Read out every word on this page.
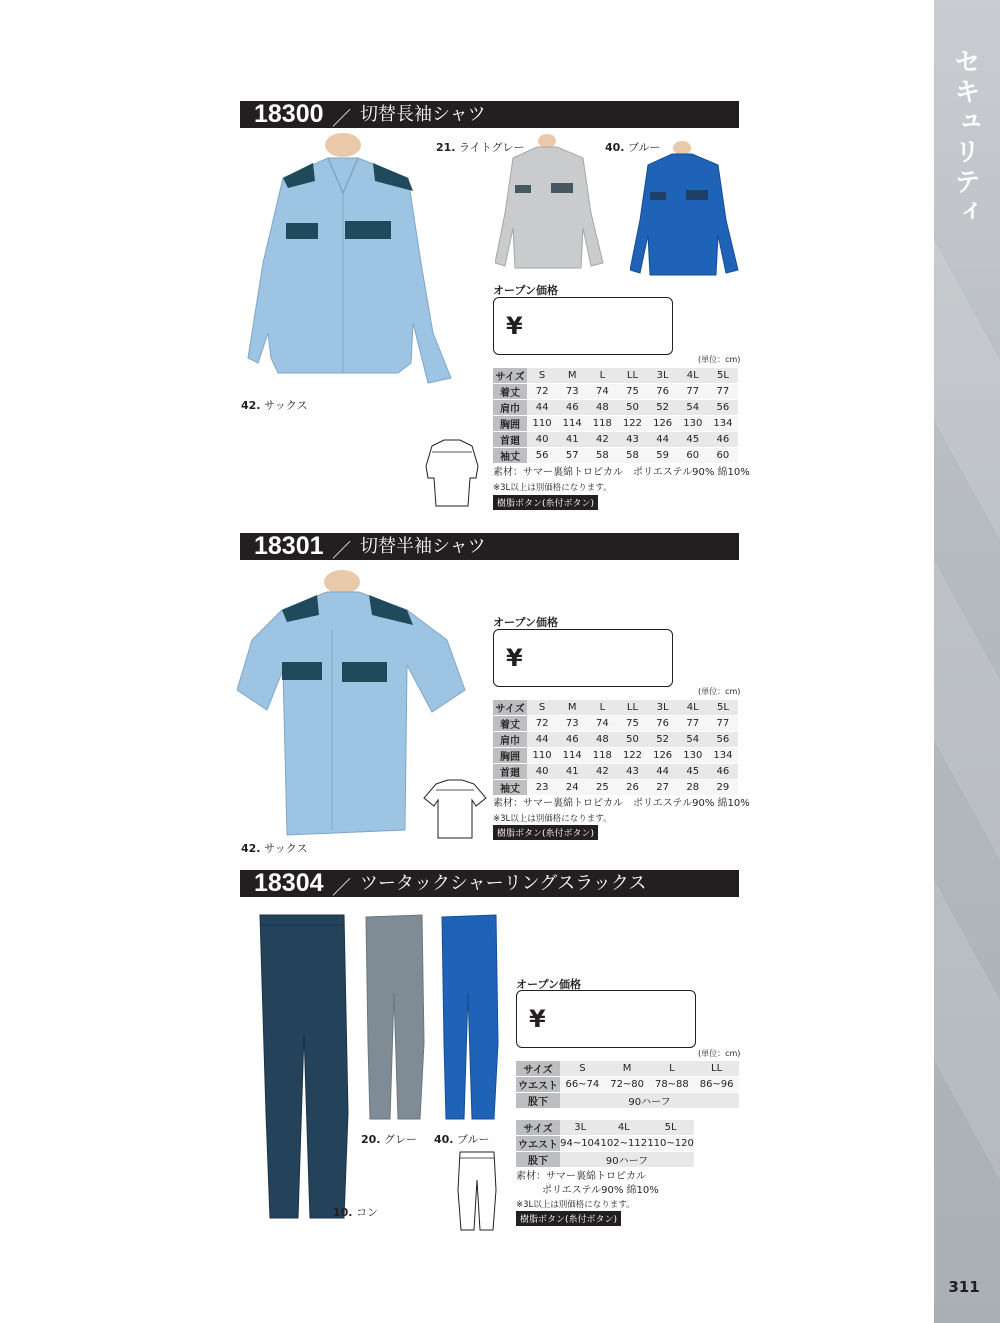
セキュリティ
311
18300 ／ 切替長袖シャツ
42. サックス
21. ライトグレー	40. ブルー
オープン価格
¥
(単位：cm)
サイズ	S	M	L	LL	3L	4L	5L
着丈	72	73	74	75	76	77	77
肩巾	44	46	48	50	52	54	56
胸囲	110	114	118	122	126	130	134
首廻	40	41	42	43	44	45	46
袖丈	56	57	58	58	59	60	60
素材：サマー裏綿トロピカル　ポリエステル90% 綿10%
※3L以上は別価格になります。
樹脂ボタン(糸付ボタン)
18301 ／ 切替半袖シャツ
42. サックス
オープン価格
¥
(単位：cm)
サイズ	S	M	L	LL	3L	4L	5L
着丈	72	73	74	75	76	77	77
肩巾	44	46	48	50	52	54	56
胸囲	110	114	118	122	126	130	134
首廻	40	41	42	43	44	45	46
袖丈	23	24	25	26	27	28	29
素材：サマー裏綿トロピカル　ポリエステル90% 綿10%
※3L以上は別価格になります。
樹脂ボタン(糸付ボタン)
18304 ／ ツータックシャーリングスラックス
10. コン
20. グレー 40. ブルー
オープン価格
¥
(単位：cm)
サイズ	S	M	L	LL
ウエスト	66~74	72~80	78~88	86~96
股下	90ハーフ			
サイズ	3L	4L	5L
ウエスト	94~104	102~112	110~120
股下	90ハーフ		
素材：サマー裏綿トロピカル
ポリエステル90% 綿10%
※3L以上は別価格になります。
樹脂ボタン(糸付ボタン)
